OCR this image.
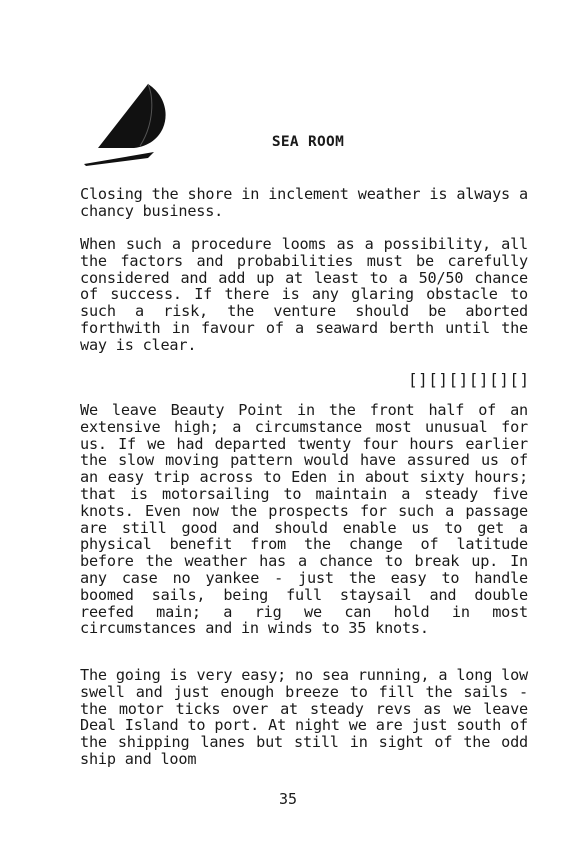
SEA ROOM
Closing the shore in inclement weather is always a chancy business.
When such a procedure looms as a possibility, all the factors and probabilities must be carefully considered and add up at least to a 50/50 chance of success. If there is any glaring obstacle to such a risk, the venture should be aborted forthwith in favour of a seaward berth until the way is clear.
[][][][][][]
We leave Beauty Point in the front half of an extensive high; a circumstance most unusual for us. If we had departed twenty four hours earlier the slow moving pattern would have assured us of an easy trip across to Eden in about sixty hours; that is motorsailing to maintain a steady five knots. Even now the prospects for such a passage are still good and should enable us to get a physical benefit from the change of latitude before the weather has a chance to break up. In any case no yankee - just the easy to handle boomed sails, being full staysail and double reefed main; a rig we can hold in most circumstances and in winds to 35 knots.
The going is very easy; no sea running, a long low swell and just enough breeze to fill the sails - the motor ticks over at steady revs as we leave Deal Island to port. At night we are just south of the shipping lanes but still in sight of the odd ship and loom
35
